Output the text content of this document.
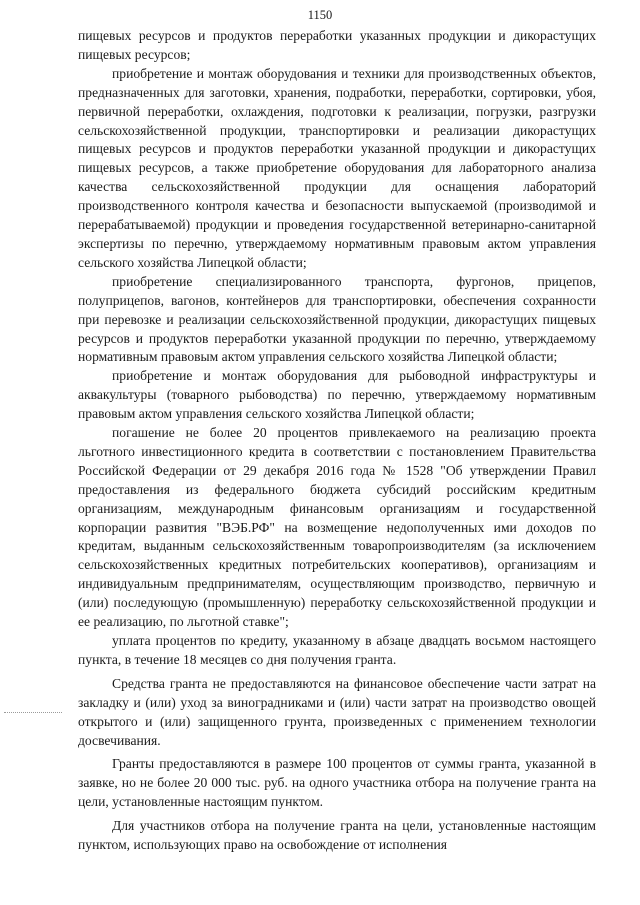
1150

пищевых ресурсов и продуктов переработки указанных продукции и дикорастущих пищевых ресурсов;

приобретение и монтаж оборудования и техники для производственных объектов, предназначенных для заготовки, хранения, подработки, переработки, сортировки, убоя, первичной переработки, охлаждения, подготовки к реализации, погрузки, разгрузки сельскохозяйственной продукции, транспортировки и реализации дикорастущих пищевых ресурсов и продуктов переработки указанной продукции и дикорастущих пищевых ресурсов, а также приобретение оборудования для лабораторного анализа качества сельскохозяйственной продукции для оснащения лабораторий производственного контроля качества и безопасности выпускаемой (производимой и перерабатываемой) продукции и проведения государственной ветеринарно-санитарной экспертизы по перечню, утверждаемому нормативным правовым актом управления сельского хозяйства Липецкой области;

приобретение специализированного транспорта, фургонов, прицепов, полуприцепов, вагонов, контейнеров для транспортировки, обеспечения сохранности при перевозке и реализации сельскохозяйственной продукции, дикорастущих пищевых ресурсов и продуктов переработки указанной продукции по перечню, утверждаемому нормативным правовым актом управления сельского хозяйства Липецкой области;

приобретение и монтаж оборудования для рыбоводной инфраструктуры и аквакультуры (товарного рыбоводства) по перечню, утверждаемому нормативным правовым актом управления сельского хозяйства Липецкой области;

погашение не более 20 процентов привлекаемого на реализацию проекта льготного инвестиционного кредита в соответствии с постановлением Правительства Российской Федерации от 29 декабря 2016 года № 1528 "Об утверждении Правил предоставления из федерального бюджета субсидий российским кредитным организациям, международным финансовым организациям и государственной корпорации развития "ВЭБ.РФ" на возмещение недополученных ими доходов по кредитам, выданным сельскохозяйственным товаропроизводителям (за исключением сельскохозяйственных кредитных потребительских кооперативов), организациям и индивидуальным предпринимателям, осуществляющим производство, первичную и (или) последующую (промышленную) переработку сельскохозяйственной продукции и ее реализацию, по льготной ставке";

уплата процентов по кредиту, указанному в абзаце двадцать восьмом настоящего пункта, в течение 18 месяцев со дня получения гранта.

Средства гранта не предоставляются на финансовое обеспечение части затрат на закладку и (или) уход за виноградниками и (или) части затрат на производство овощей открытого и (или) защищенного грунта, произведенных с применением технологии досвечивания.

Гранты предоставляются в размере 100 процентов от суммы гранта, указанной в заявке, но не более 20 000 тыс. руб. на одного участника отбора на получение гранта на цели, установленные настоящим пунктом.

Для участников отбора на получение гранта на цели, установленные настоящим пунктом, использующих право на освобождение от исполнения
